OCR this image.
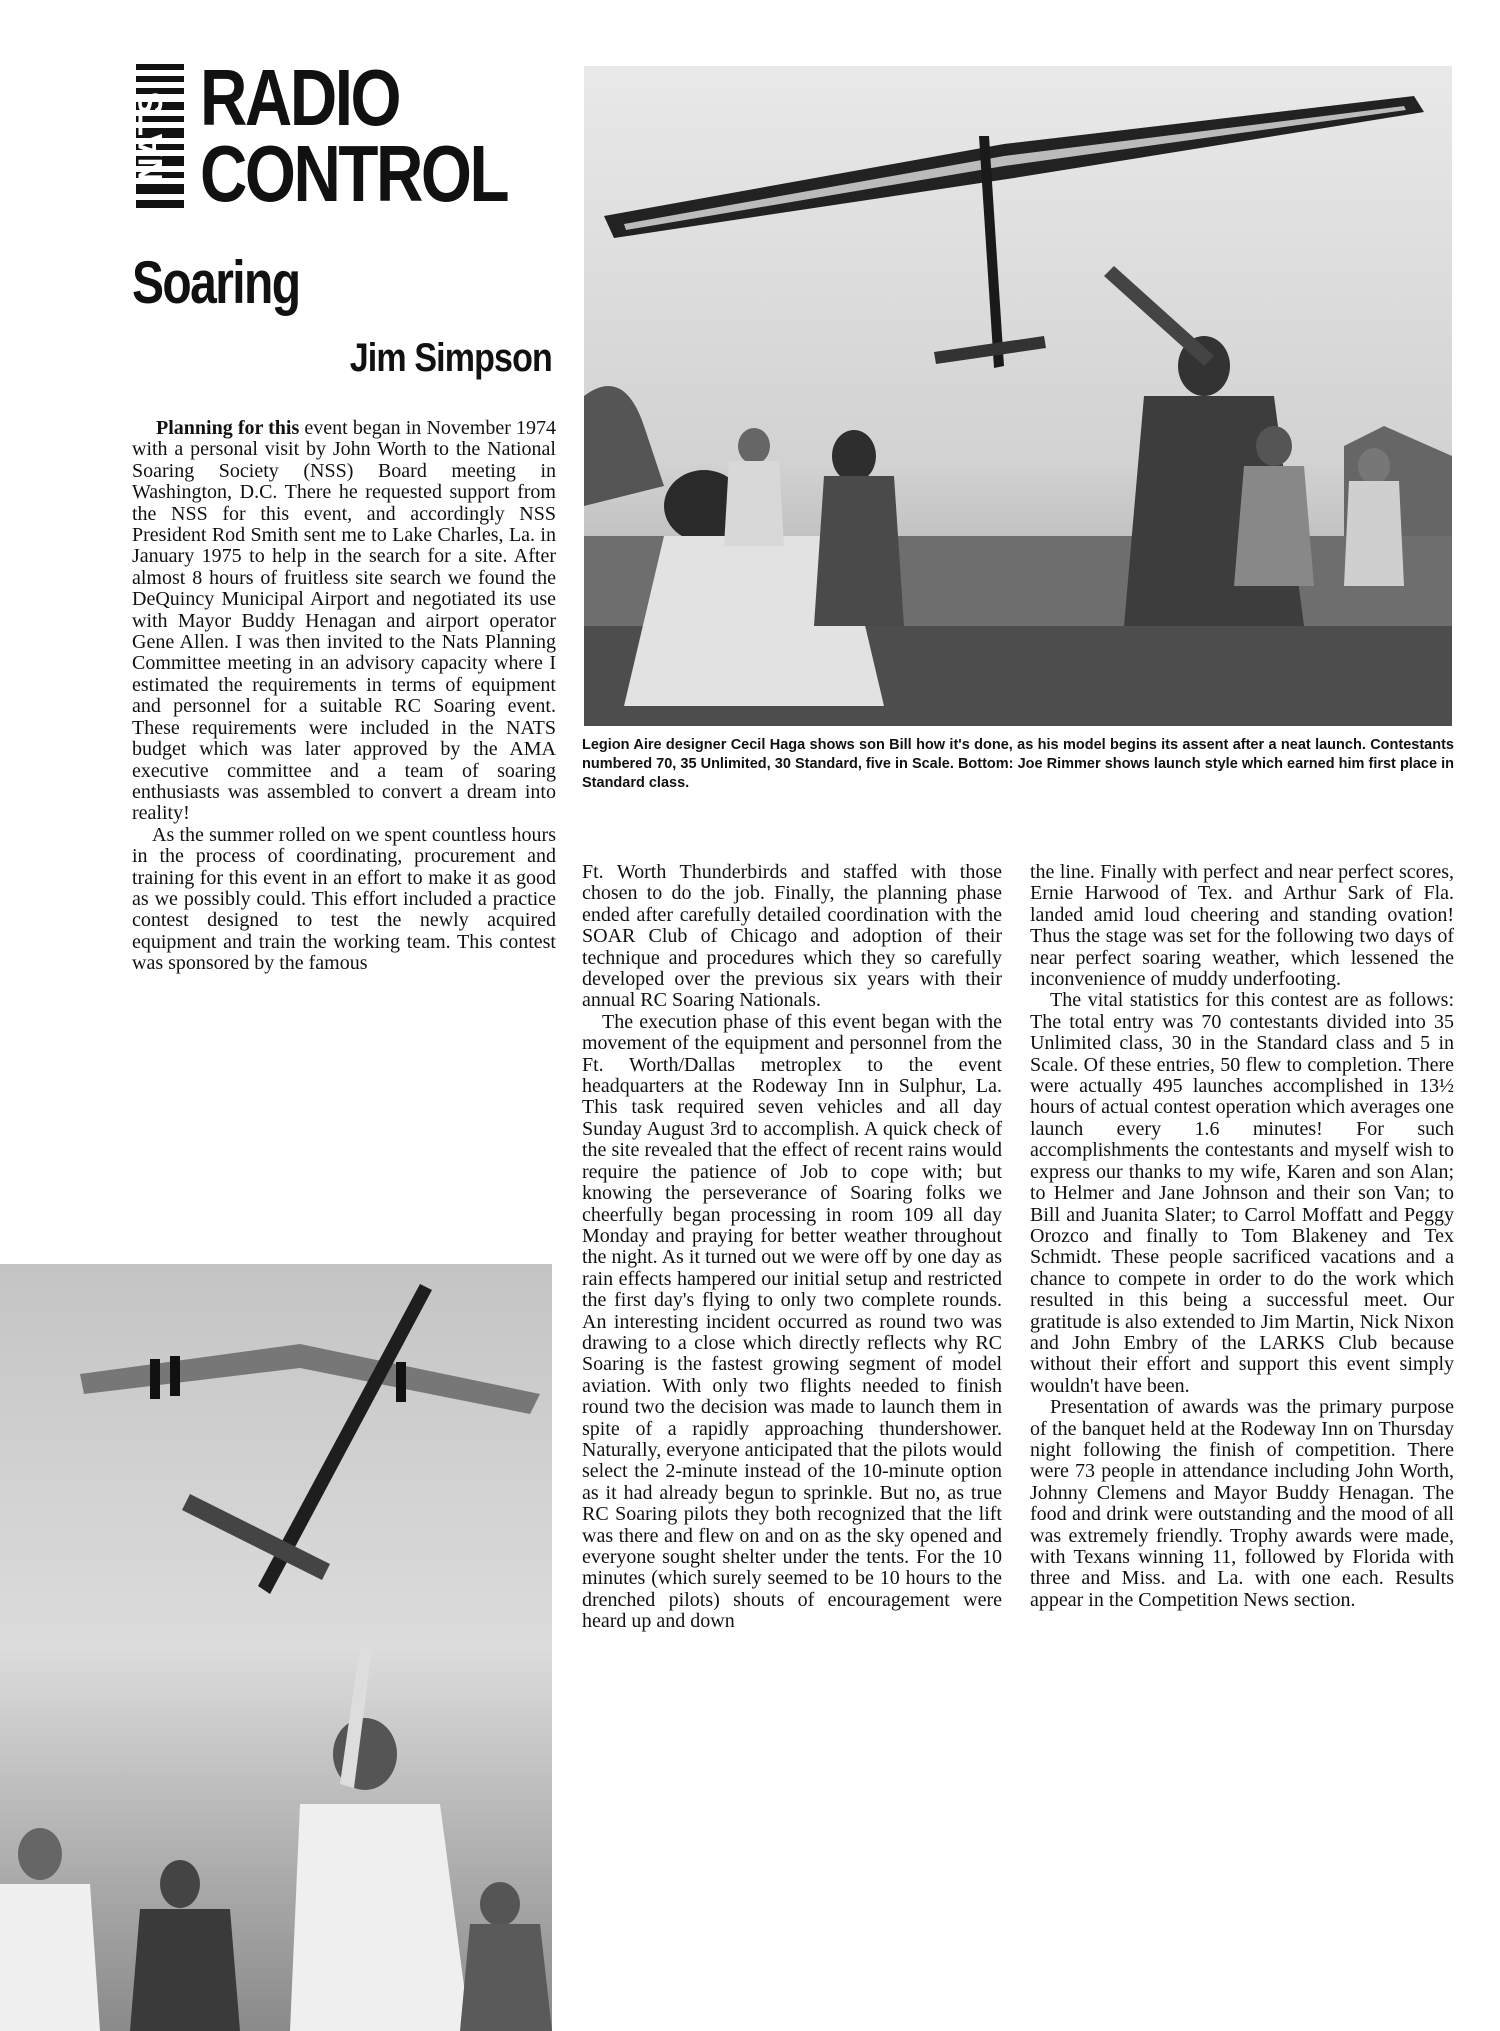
NATS RADIO
CONTROL
Soaring
Jim Simpson
Legion Aire designer Cecil Haga shows son Bill how it's done, as his model begins its assent after a neat launch. Contestants numbered 70, 35 Unlimited, 30 Standard, five in Scale. Bottom: Joe Rimmer shows launch style which earned him first place in Standard class.

Planning for this event began in November 1974 with a personal visit by John Worth to the National Soaring Society (NSS) Board meeting in Washington, D.C. There he requested support from the NSS for this event, and accordingly NSS President Rod Smith sent me to Lake Charles, La. in January 1975 to help in the search for a site. After almost 8 hours of fruitless site search we found the DeQuincy Municipal Airport and negotiated its use with Mayor Buddy Henagan and airport operator Gene Allen. I was then invited to the Nats Planning Committee meeting in an advisory capacity where I estimated the requirements in terms of equipment and personnel for a suitable RC Soaring event. These requirements were included in the NATS budget which was later approved by the AMA executive committee and a team of soaring enthusiasts was assembled to convert a dream into reality!

As the summer rolled on we spent countless hours in the process of coordinating, procurement and training for this event in an effort to make it as good as we possibly could. This effort included a practice contest designed to test the newly acquired equipment and train the working team. This contest was sponsored by the famous

Ft. Worth Thunderbirds and staffed with those chosen to do the job. Finally, the planning phase ended after carefully detailed coordination with the SOAR Club of Chicago and adoption of their technique and procedures which they so carefully developed over the previous six years with their annual RC Soaring Nationals.

The execution phase of this event began with the movement of the equipment and personnel from the Ft. Worth/Dallas metroplex to the event headquarters at the Rodeway Inn in Sulphur, La. This task required seven vehicles and all day Sunday August 3rd to accomplish. A quick check of the site revealed that the effect of recent rains would require the patience of Job to cope with; but knowing the perseverance of Soaring folks we cheerfully began processing in room 109 all day Monday and praying for better weather throughout the night. As it turned out we were off by one day as rain effects hampered our initial setup and restricted the first day's flying to only two complete rounds. An interesting incident occurred as round two was drawing to a close which directly reflects why RC Soaring is the fastest growing segment of model aviation. With only two flights needed to finish round two the decision was made to launch them in spite of a rapidly approaching thundershower. Naturally, everyone anticipated that the pilots would select the 2-minute instead of the 10-minute option as it had already begun to sprinkle. But no, as true RC Soaring pilots they both recognized that the lift was there and flew on and on as the sky opened and everyone sought shelter under the tents. For the 10 minutes (which surely seemed to be 10 hours to the drenched pilots) shouts of encouragement were heard up and down

the line. Finally with perfect and near perfect scores, Ernie Harwood of Tex. and Arthur Sark of Fla. landed amid loud cheering and standing ovation! Thus the stage was set for the following two days of near perfect soaring weather, which lessened the inconvenience of muddy underfooting.

The vital statistics for this contest are as follows: The total entry was 70 contestants divided into 35 Unlimited class, 30 in the Standard class and 5 in Scale. Of these entries, 50 flew to completion. There were actually 495 launches accomplished in 13½ hours of actual contest operation which averages one launch every 1.6 minutes! For such accomplishments the contestants and myself wish to express our thanks to my wife, Karen and son Alan; to Helmer and Jane Johnson and their son Van; to Bill and Juanita Slater; to Carrol Moffatt and Peggy Orozco and finally to Tom Blakeney and Tex Schmidt. These people sacrificed vacations and a chance to compete in order to do the work which resulted in this being a successful meet. Our gratitude is also extended to Jim Martin, Nick Nixon and John Embry of the LARKS Club because without their effort and support this event simply wouldn't have been.

Presentation of awards was the primary purpose of the banquet held at the Rodeway Inn on Thursday night following the finish of competition. There were 73 people in attendance including John Worth, Johnny Clemens and Mayor Buddy Henagan. The food and drink were outstanding and the mood of all was extremely friendly. Trophy awards were made, with Texans winning 11, followed by Florida with three and Miss. and La. with one each. Results appear in the Competition News section.
